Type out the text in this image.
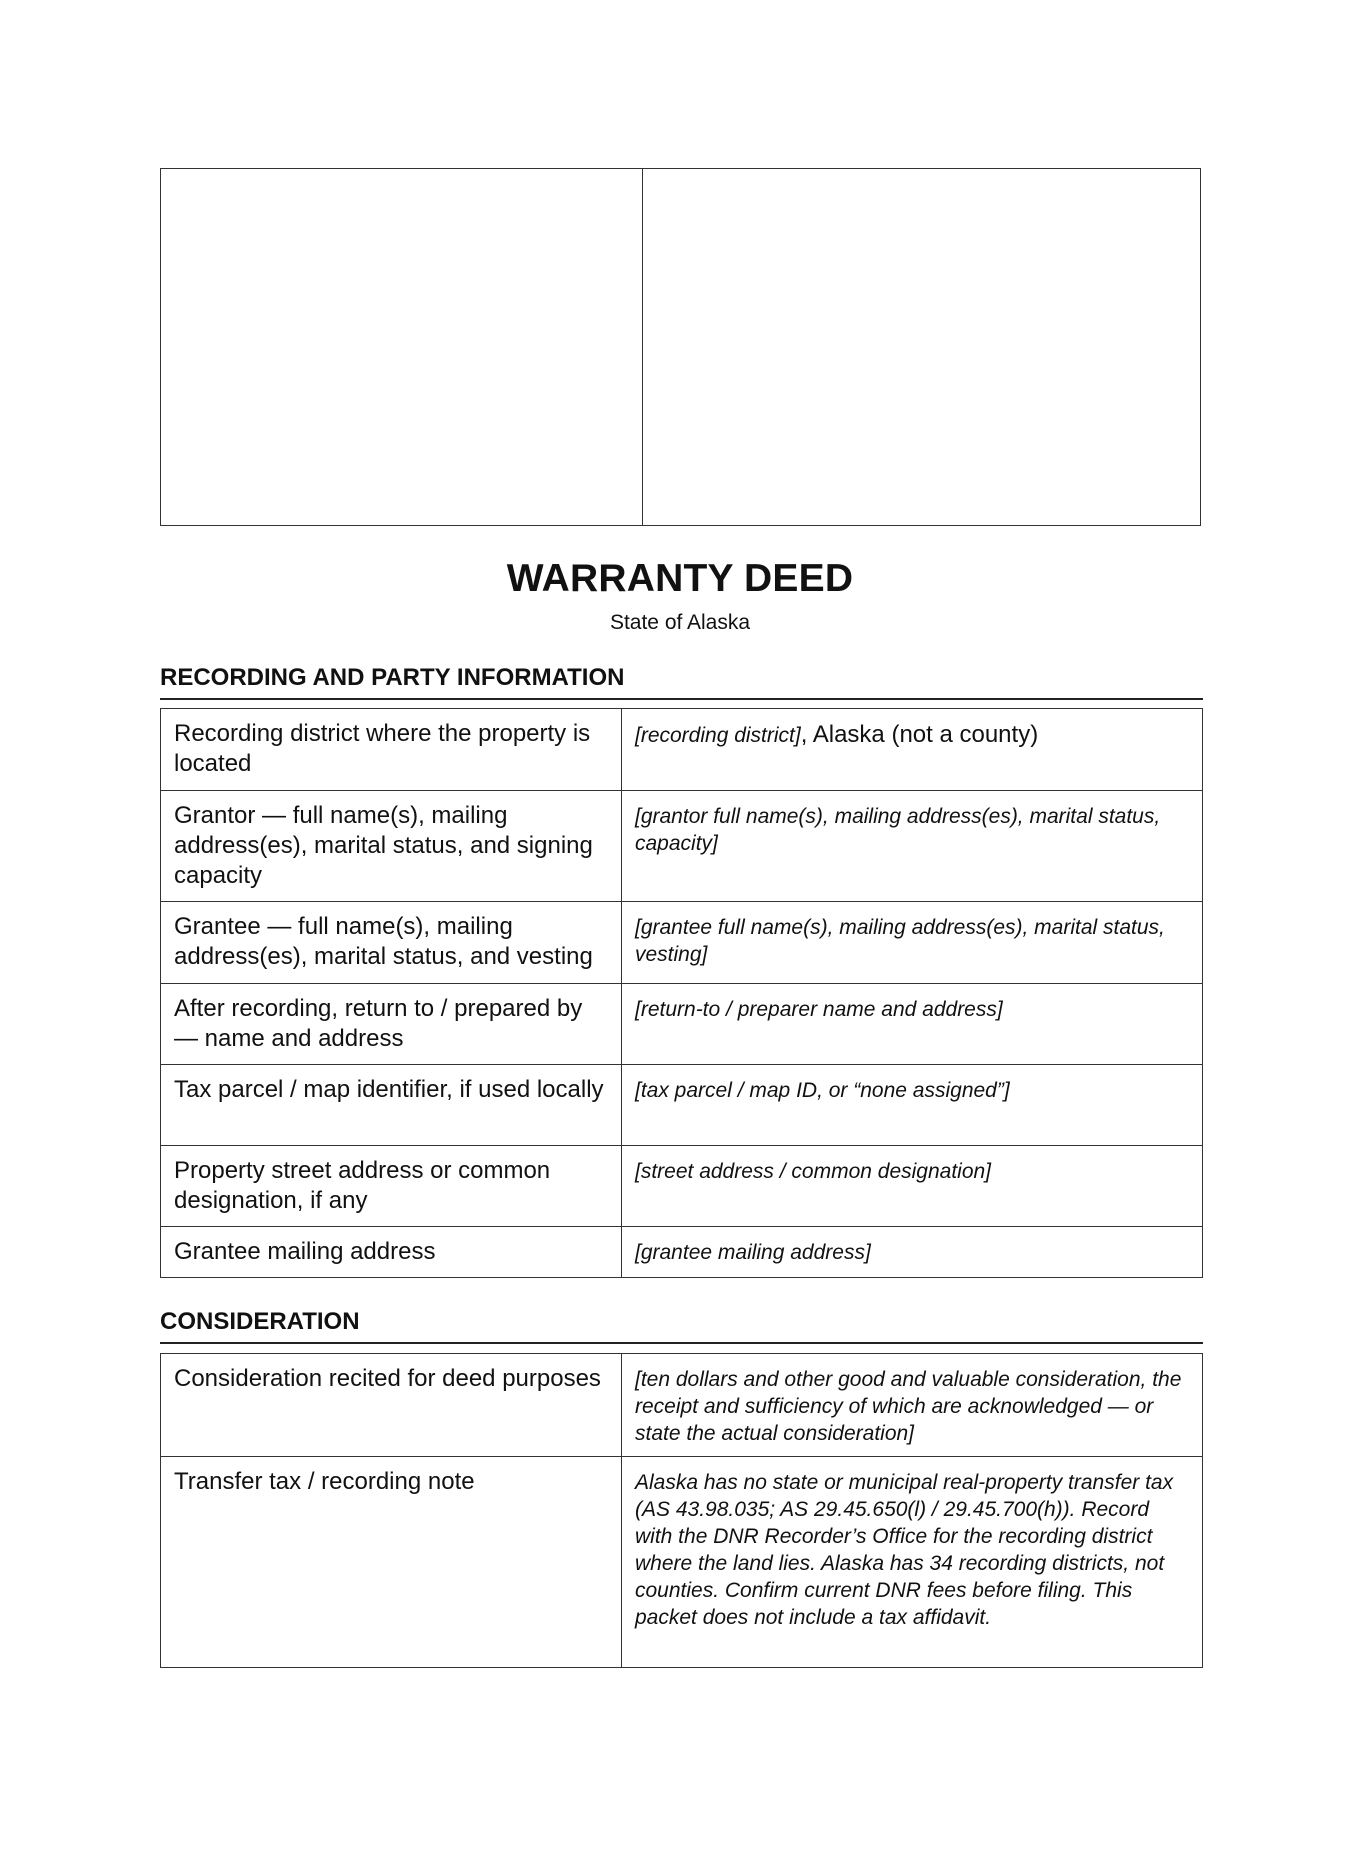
WARRANTY DEED
State of Alaska
RECORDING AND PARTY INFORMATION
Recording district where the property is located	[recording district], Alaska (not a county)
Grantor — full name(s), mailing address(es), marital status, and signing capacity	[grantor full name(s), mailing address(es), marital status, capacity]
Grantee — full name(s), mailing address(es), marital status, and vesting	[grantee full name(s), mailing address(es), marital status, vesting]
After recording, return to / prepared by — name and address	[return-to / preparer name and address]
Tax parcel / map identifier, if used locally	[tax parcel / map ID, or “none assigned”]
Property street address or common designation, if any	[street address / common designation]
Grantee mailing address	[grantee mailing address]
CONSIDERATION
Consideration recited for deed purposes	[ten dollars and other good and valuable consideration, the receipt and sufficiency of which are acknowledged — or state the actual consideration]
Transfer tax / recording note	Alaska has no state or municipal real-property transfer tax (AS 43.98.035; AS 29.45.650(l) / 29.45.700(h)). Record with the DNR Recorder’s Office for the recording district where the land lies. Alaska has 34 recording districts, not counties. Confirm current DNR fees before filing. This packet does not include a tax affidavit.
